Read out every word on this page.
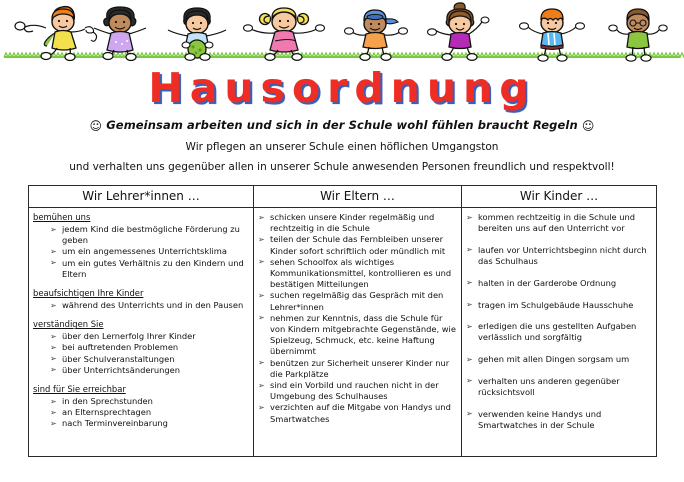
Hausordnung
☺ Gemeinsam arbeiten und sich in der Schule wohl fühlen braucht Regeln ☺
Wir pflegen an unserer Schule einen höflichen Umgangston
und verhalten uns gegenüber allen in unserer Schule anwesenden Personen freundlich und respektvoll!
Wir Lehrer*innen …	Wir Eltern …	Wir Kinder …
bemühen uns
➢ jedem Kind die bestmögliche Förderung zu geben
➢ um ein angemessenes Unterrichtsklima
➢ um ein gutes Verhältnis zu den Kindern und Eltern
beaufsichtigen Ihre Kinder
➢ während des Unterrichts und in den Pausen
verständigen Sie
➢ über den Lernerfolg Ihrer Kinder
➢ bei auftretenden Problemen
➢ über Schulveranstaltungen
➢ über Unterrichtsänderungen
sind für Sie erreichbar
➢ in den Sprechstunden
➢ an Elternsprechtagen
➢ nach Terminvereinbarung
➢ schicken unsere Kinder regelmäßig und rechtzeitig in die Schule
➢ teilen der Schule das Fernbleiben unserer Kinder sofort schriftlich oder mündlich mit
➢ sehen Schoolfox als wichtiges Kommunikationsmittel, kontrollieren es und bestätigen Mitteilungen
➢ suchen regelmäßig das Gespräch mit den Lehrer*innen
➢ nehmen zur Kenntnis, dass die Schule für von Kindern mitgebrachte Gegenstände, wie Spielzeug, Schmuck, etc. keine Haftung übernimmt
➢ benützen zur Sicherheit unserer Kinder nur die Parkplätze
➢ sind ein Vorbild und rauchen nicht in der Umgebung des Schulhauses
➢ verzichten auf die Mitgabe von Handys und Smartwatches
➢ kommen rechtzeitig in die Schule und bereiten uns auf den Unterricht vor
➢ laufen vor Unterrichtsbeginn nicht durch das Schulhaus
➢ halten in der Garderobe Ordnung
➢ tragen im Schulgebäude Hausschuhe
➢ erledigen die uns gestellten Aufgaben verlässlich und sorgfältig
➢ gehen mit allen Dingen sorgsam um
➢ verhalten uns anderen gegenüber rücksichtsvoll
➢ verwenden keine Handys und Smartwatches in der Schule
